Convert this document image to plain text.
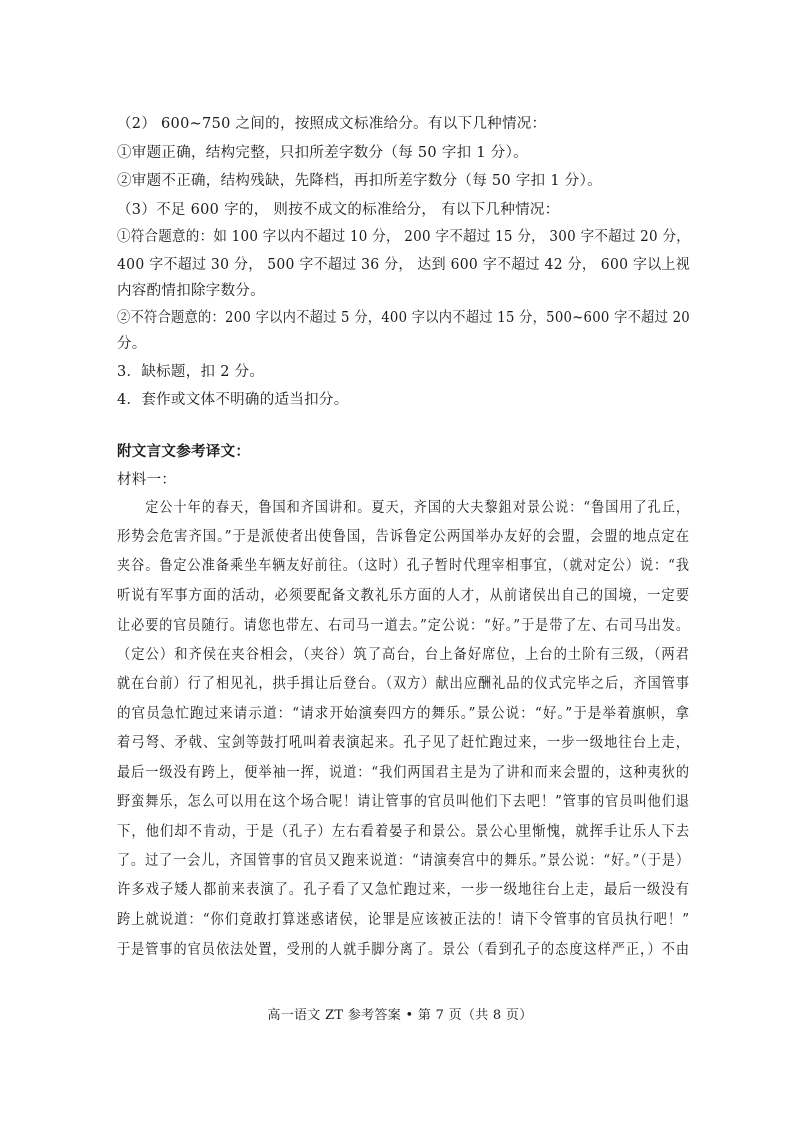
（2） 600~750 之间的，按照成文标准给分。有以下几种情况：
①审题正确，结构完整，只扣所差字数分（每 50 字扣 1 分）。
②审题不正确，结构残缺，先降档，再扣所差字数分（每 50 字扣 1 分）。
（3）不足 600 字的， 则按不成文的标准给分， 有以下几种情况：
①符合题意的：如 100 字以内不超过 10 分， 200 字不超过 15 分， 300 字不超过 20 分，
400 字不超过 30 分， 500 字不超过 36 分， 达到 600 字不超过 42 分， 600 字以上视
内容酌情扣除字数分。
②不符合题意的：200 字以内不超过 5 分，400 字以内不超过 15 分，500~600 字不超过 20
分。
3．缺标题，扣 2 分。
4．套作或文体不明确的适当扣分。
附文言文参考译文：
材料一：
　　定公十年的春天，鲁国和齐国讲和。夏天，齐国的大夫黎鉏对景公说：“鲁国用了孔丘，
形势会危害齐国。”于是派使者出使鲁国，告诉鲁定公两国举办友好的会盟，会盟的地点定在
夹谷。鲁定公准备乘坐车辆友好前往。（这时）孔子暂时代理宰相事宜，（就对定公）说：“我
听说有军事方面的活动，必须要配备文教礼乐方面的人才，从前诸侯出自己的国境，一定要
让必要的官员随行。请您也带左、右司马一道去。”定公说：“好。”于是带了左、右司马出发。
（定公）和齐侯在夹谷相会，（夹谷）筑了高台，台上备好席位，上台的土阶有三级，（两君
就在台前）行了相见礼，拱手揖让后登台。（双方）献出应酬礼品的仪式完毕之后，齐国管事
的官员急忙跑过来请示道：“请求开始演奏四方的舞乐。”景公说：“好。”于是举着旗帜，拿
着弓弩、矛戟、宝剑等鼓打吼叫着表演起来。孔子见了赶忙跑过来，一步一级地往台上走，
最后一级没有跨上，便举袖一挥，说道：“我们两国君主是为了讲和而来会盟的，这种夷狄的
野蛮舞乐，怎么可以用在这个场合呢！请让管事的官员叫他们下去吧！”管事的官员叫他们退
下，他们却不肯动，于是（孔子）左右看着晏子和景公。景公心里惭愧，就挥手让乐人下去
了。过了一会儿，齐国管事的官员又跑来说道：“请演奏宫中的舞乐。”景公说：“好。”（于是）
许多戏子矮人都前来表演了。孔子看了又急忙跑过来，一步一级地往台上走，最后一级没有
跨上就说道：“你们竟敢打算迷惑诸侯，论罪是应该被正法的！请下令管事的官员执行吧！”
于是管事的官员依法处置，受刑的人就手脚分离了。景公（看到孔子的态度这样严正，）不由
高一语文 ZT 参考答案 • 第 7 页（共 8 页）
